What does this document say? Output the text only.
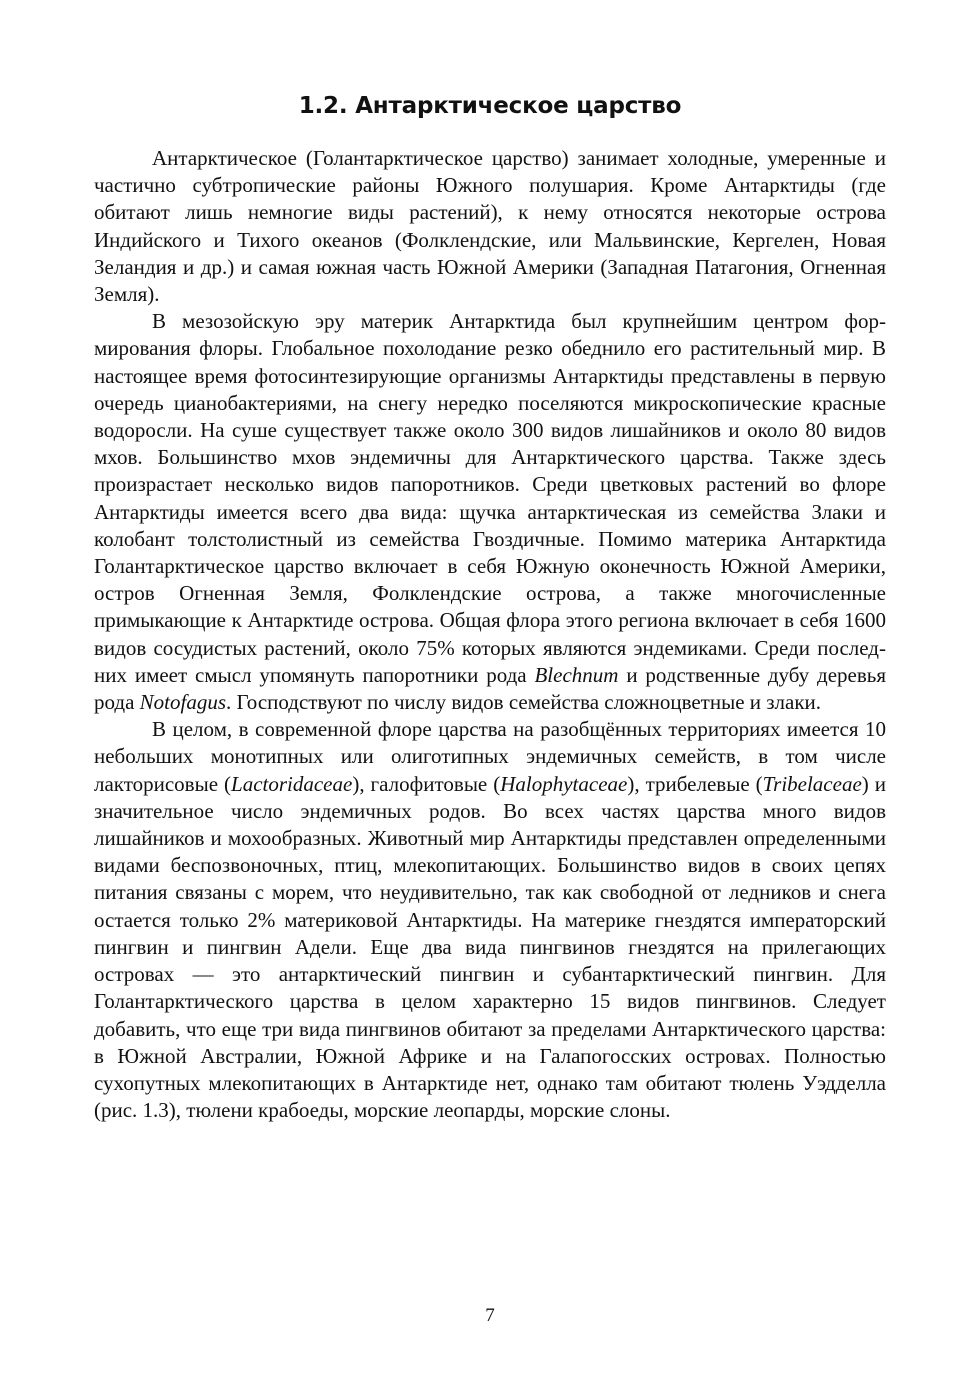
1.2. Антарктическое царство

Антарктическое (Голантарктическое царство) занимает холодные, умеренные и частично субтропические районы Южного полушария. Кроме Антарктиды (где обитают лишь немногие виды растений), к нему относятся некоторые острова Индийского и Тихого океанов (Фолклендские, или Мальвинские, Кергелен, Новая Зеландия и др.) и самая южная часть Южной Америки (Западная Патагония, Огненная Земля).

В мезозойскую эру материк Антарктида был крупнейшим центром формирования флоры. Глобальное похолодание резко обеднило его растительный мир. В настоящее время фотосинтезирующие организмы Антарктиды представлены в первую очередь цианобактериями, на снегу нередко поселяются микроскопические красные водоросли. На суше существует также около 300 видов лишайников и около 80 видов мхов. Большинство мхов эндемичны для Антарктического царства. Также здесь произрастает несколько видов папоротников. Среди цветковых растений во флоре Антарктиды имеется всего два вида: щучка антарктическая из семейства Злаки и колобант толстолистный из семейства Гвоздичные. Помимо материка Антарктида Голантарктическое царство включает в себя Южную оконечность Южной Америки, остров Огненная Земля, Фолклендские острова, а также многочисленные примыкающие к Антарктиде острова. Общая флора этого региона включает в себя 1600 видов сосудистых растений, около 75% которых являются эндемиками. Среди последних имеет смысл упомянуть папоротники рода Blechnum и родственные дубу деревья рода Notofagus. Господствуют по числу видов семейства сложноцветные и злаки.

В целом, в современной флоре царства на разобщённых территориях имеется 10 небольших монотипных или олиготипных эндемичных семейств, в том числе лакторисовые (Lactoridaceae), галофитовые (Halophytaceae), трибелевые (Tribelaceae) и значительное число эндемичных родов. Во всех частях царства много видов лишайников и мохообразных. Животный мир Антарктиды представлен определенными видами беспозвоночных, птиц, млекопитающих. Большинство видов в своих цепях питания связаны с морем, что неудивительно, так как свободной от ледников и снега остается только 2% материковой Антарктиды. На материке гнездятся императорский пингвин и пингвин Адели. Еще два вида пингвинов гнездятся на прилегающих островах — это антарктический пингвин и субантарктический пингвин. Для Голантарктического царства в целом характерно 15 видов пингвинов. Следует добавить, что еще три вида пингвинов обитают за пределами Антарктического царства: в Южной Австралии, Южной Африке и на Галапогосских островах. Полностью сухопутных млекопитающих в Антарктиде нет, однако там обитают тюлень Уэдделла (рис. 1.3), тюлени крабоеды, морские леопарды, морские слоны.

7
